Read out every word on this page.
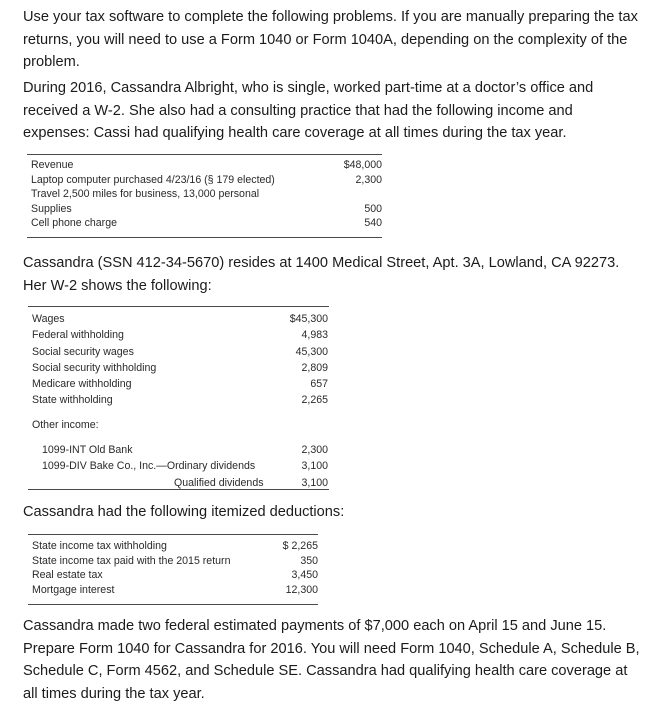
Use your tax software to complete the following problems. If you are manually preparing the tax returns, you will need to use a Form 1040 or Form 1040A, depending on the complexity of the problem.

During 2016, Cassandra Albright, who is single, worked part-time at a doctor’s office and received a W-2. She also had a consulting practice that had the following income and expenses: Cassi had qualifying health care coverage at all times during the tax year.

Revenue	$48,000
Laptop computer purchased 4/23/16 (§ 179 elected)	2,300
Travel 2,500 miles for business, 13,000 personal
Supplies	500
Cell phone charge	540

Cassandra (SSN 412-34-5670) resides at 1400 Medical Street, Apt. 3A, Lowland, CA 92273. Her W-2 shows the following:

Wages	$45,300
Federal withholding	4,983
Social security wages	45,300
Social security withholding	2,809
Medicare withholding	657
State withholding	2,265
Other income:
1099-INT Old Bank	2,300
1099-DIV Bake Co., Inc.—Ordinary dividends	3,100
Qualified dividends	3,100

Cassandra had the following itemized deductions:

State income tax withholding	$ 2,265
State income tax paid with the 2015 return	350
Real estate tax	3,450
Mortgage interest	12,300

Cassandra made two federal estimated payments of $7,000 each on April 15 and June 15. Prepare Form 1040 for Cassandra for 2016. You will need Form 1040, Schedule A, Schedule B, Schedule C, Form 4562, and Schedule SE. Cassandra had qualifying health care coverage at all times during the tax year.
